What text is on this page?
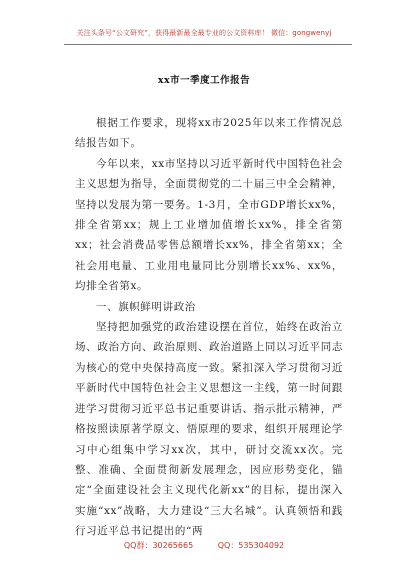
关注头条号“公文研究”，获得最新最全最专业的公文资料库！ 微信：gongwenyj
xx市一季度工作报告

根据工作要求，现将xx市2025年以来工作情况总结报告如下。

今年以来，xx市坚持以习近平新时代中国特色社会主义思想为指导，全面贯彻党的二十届三中全会精神，坚持以发展为第一要务。1-3月，全市GDP增长xx%，排全省第xx；规上工业增加值增长xx%，排全省第xx；社会消费品零售总额增长xx%，排全省第xx；全社会用电量、工业用电量同比分别增长xx%、xx%，均排全省第x。

一、旗帜鲜明讲政治

坚持把加强党的政治建设摆在首位，始终在政治立场、政治方向、政治原则、政治道路上同以习近平同志为核心的党中央保持高度一致。紧扣深入学习贯彻习近平新时代中国特色社会主义思想这一主线，第一时间跟进学习贯彻习近平总书记重要讲话、指示批示精神，严格按照读原著学原文、悟原理的要求，组织开展理论学习中心组集中学习xx次，其中，研讨交流xx次。完整、准确、全面贯彻新发展理念，因应形势变化，锚定“全面建设社会主义现代化新xx”的目标，提出深入实施“xx”战略，大力建设“三大名城”。认真领悟和践行习近平总书记提出的“两

QQ群：30265665	QQ：535304092
